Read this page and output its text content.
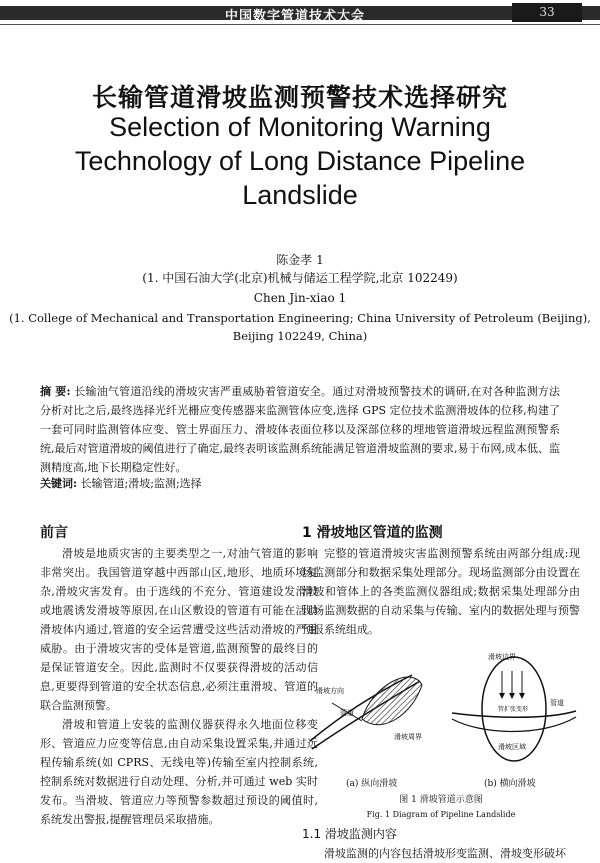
中国数字管道技术大会	33
长输管道滑坡监测预警技术选择研究
Selection of Monitoring Warning
Technology of Long Distance Pipeline
Landslide
陈金孝 1
(1. 中国石油大学(北京)机械与储运工程学院,北京 102249)
Chen Jin-xiao 1
(1. College of Mechanical and Transportation Engineering; China University of Petroleum (Beijing),
Beijing 102249, China)
摘 要: 长输油气管道沿线的滑坡灾害严重威胁着管道安全。通过对滑坡预警技术的调研,在对各种监测方法分析对比之后,最终选择光纤光栅应变传感器来监测管体应变,选择 GPS 定位技术监测滑坡体的位移,构建了一套可同时监测管体应变、管土界面压力、滑坡体表面位移以及深部位移的埋地管道滑坡远程监测预警系统,最后对管道滑坡的阈值进行了确定,最终表明该监测系统能满足管道滑坡监测的要求,易于布网,成本低、监测精度高,地下长期稳定性好。
关键词: 长输管道;滑坡;监测;选择
前言

滑坡是地质灾害的主要类型之一,对油气管道的影响非常突出。我国管道穿越中西部山区,地形、地质环境复杂,滑坡灾害发育。由于选线的不充分、管道建设发滑坡或地震诱发滑坡等原因,在山区敷设的管道有可能在活动滑坡体内通过,管道的安全运营遭受这些活动滑坡的严重威胁。由于滑坡灾害的受体是管道,监测预警的最终目的是保证管道安全。因此,监测时不仅要获得滑坡的活动信息,更要得到管道的安全状态信息,必须注重滑坡、管道的联合监测预警。

滑坡和管道上安装的监测仪器获得永久地面位移变形、管道应力应变等信息,由自动采集设置采集,并通过远程传输系统(如 CPRS、无线电等)传输至室内控制系统,控制系统对数据进行自动处理、分析,并可通过 web 实时发布。当滑坡、管道应力等预警参数超过预设的阈值时,系统发出警报,提醒管理员采取措施。

1 滑坡地区管道的监测

完整的管道滑坡灾害监测预警系统由两部分组成:现场监测部分和数据采集处理部分。现场监测部分由设置在滑坡和管体上的各类监测仪器组成;数据采集处理部分由现场监测数据的自动采集与传输、室内的数据处理与预警预报系统组成。

滑坡方向
管道
滑坡周界
滑坡边界
管道
管扩张变形
滑坡区域
(a) 纵向滑坡	(b) 横向滑坡
图 1 滑坡管道示意图
Fig. 1 Diagram of Pipeline Landslide
1.1 滑坡监测内容

滑坡监测的内容包括滑坡形变监测、滑坡变形破坏
